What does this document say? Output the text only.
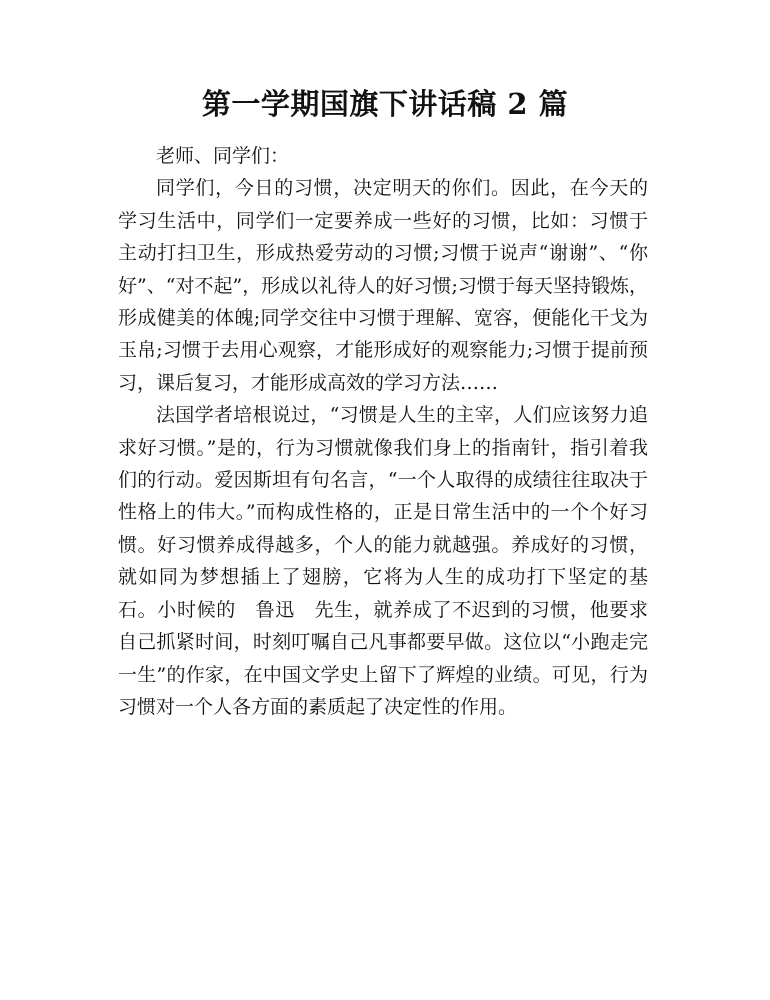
第一学期国旗下讲话稿 2 篇

老师、同学们：

同学们，今日的习惯，决定明天的你们。因此，在今天的学习生活中，同学们一定要养成一些好的习惯，比如：习惯于主动打扫卫生，形成热爱劳动的习惯;习惯于说声“谢谢”、“你好”、“对不起”，形成以礼待人的好习惯;习惯于每天坚持锻炼，形成健美的体魄;同学交往中习惯于理解、宽容，便能化干戈为玉帛;习惯于去用心观察，才能形成好的观察能力;习惯于提前预习，课后复习，才能形成高效的学习方法……

法国学者培根说过，“习惯是人生的主宰，人们应该努力追求好习惯。”是的，行为习惯就像我们身上的指南针，指引着我们的行动。爱因斯坦有句名言，“一个人取得的成绩往往取决于性格上的伟大。”而构成性格的，正是日常生活中的一个个好习惯。好习惯养成得越多，个人的能力就越强。养成好的习惯，就如同为梦想插上了翅膀，它将为人生的成功打下坚定的基石。小时候的　鲁迅　先生，就养成了不迟到的习惯，他要求自己抓紧时间，时刻叮嘱自己凡事都要早做。这位以“小跑走完一生”的作家，在中国文学史上留下了辉煌的业绩。可见，行为习惯对一个人各方面的素质起了决定性的作用。
